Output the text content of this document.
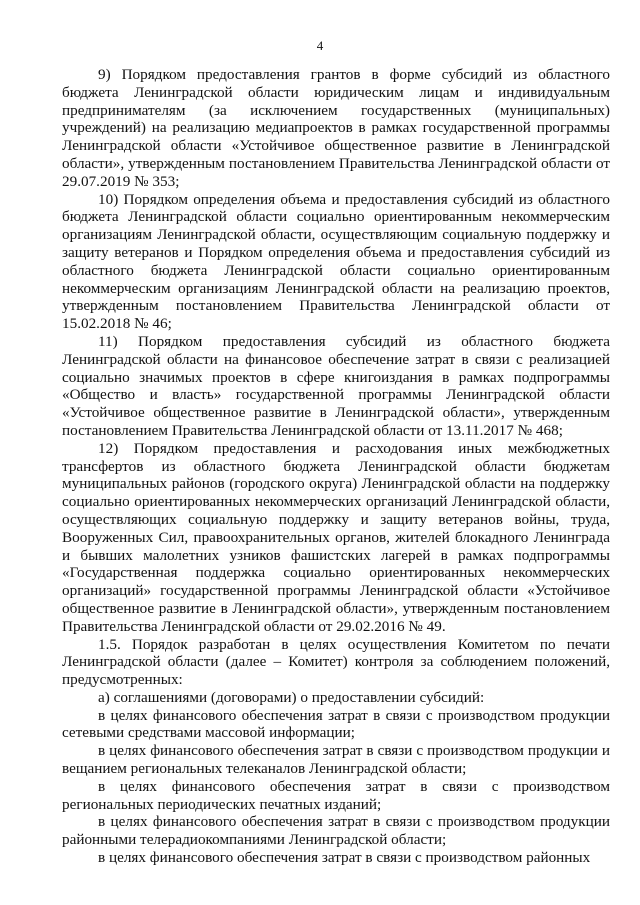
4

9) Порядком предоставления грантов в форме субсидий из областного бюджета Ленинградской области юридическим лицам и индивидуальным предпринимателям (за исключением государственных (муниципальных) учреждений) на реализацию медиапроектов в рамках государственной программы Ленинградской области «Устойчивое общественное развитие в Ленинградской области», утвержденным постановлением Правительства Ленинградской области от 29.07.2019 № 353;

10) Порядком определения объема и предоставления субсидий из областного бюджета Ленинградской области социально ориентированным некоммерческим организациям Ленинградской области, осуществляющим социальную поддержку и защиту ветеранов и Порядком определения объема и предоставления субсидий из областного бюджета Ленинградской области социально ориентированным некоммерческим организациям Ленинградской области на реализацию проектов, утвержденным постановлением Правительства Ленинградской области от 15.02.2018 № 46;

11) Порядком предоставления субсидий из областного бюджета Ленинградской области на финансовое обеспечение затрат в связи с реализацией социально значимых проектов в сфере книгоиздания в рамках подпрограммы «Общество и власть» государственной программы Ленинградской области «Устойчивое общественное развитие в Ленинградской области», утвержденным постановлением Правительства Ленинградской области от 13.11.2017 № 468;

12) Порядком предоставления и расходования иных межбюджетных трансфертов из областного бюджета Ленинградской области бюджетам муниципальных районов (городского округа) Ленинградской области на поддержку социально ориентированных некоммерческих организаций Ленинградской области, осуществляющих социальную поддержку и защиту ветеранов войны, труда, Вооруженных Сил, правоохранительных органов, жителей блокадного Ленинграда и бывших малолетних узников фашистских лагерей в рамках подпрограммы «Государственная поддержка социально ориентированных некоммерческих организаций» государственной программы Ленинградской области «Устойчивое общественное развитие в Ленинградской области», утвержденным постановлением Правительства Ленинградской области от 29.02.2016 № 49.

1.5. Порядок разработан в целях осуществления Комитетом по печати Ленинградской области (далее – Комитет) контроля за соблюдением положений, предусмотренных:

а) соглашениями (договорами) о предоставлении субсидий:

в целях финансового обеспечения затрат в связи с производством продукции сетевыми средствами массовой информации;

в целях финансового обеспечения затрат в связи с производством продукции и вещанием региональных телеканалов Ленинградской области;

в целях финансового обеспечения затрат в связи с производством региональных периодических печатных изданий;

в целях финансового обеспечения затрат в связи с производством продукции районными телерадиокомпаниями Ленинградской области;

в целях финансового обеспечения затрат в связи с производством районных
